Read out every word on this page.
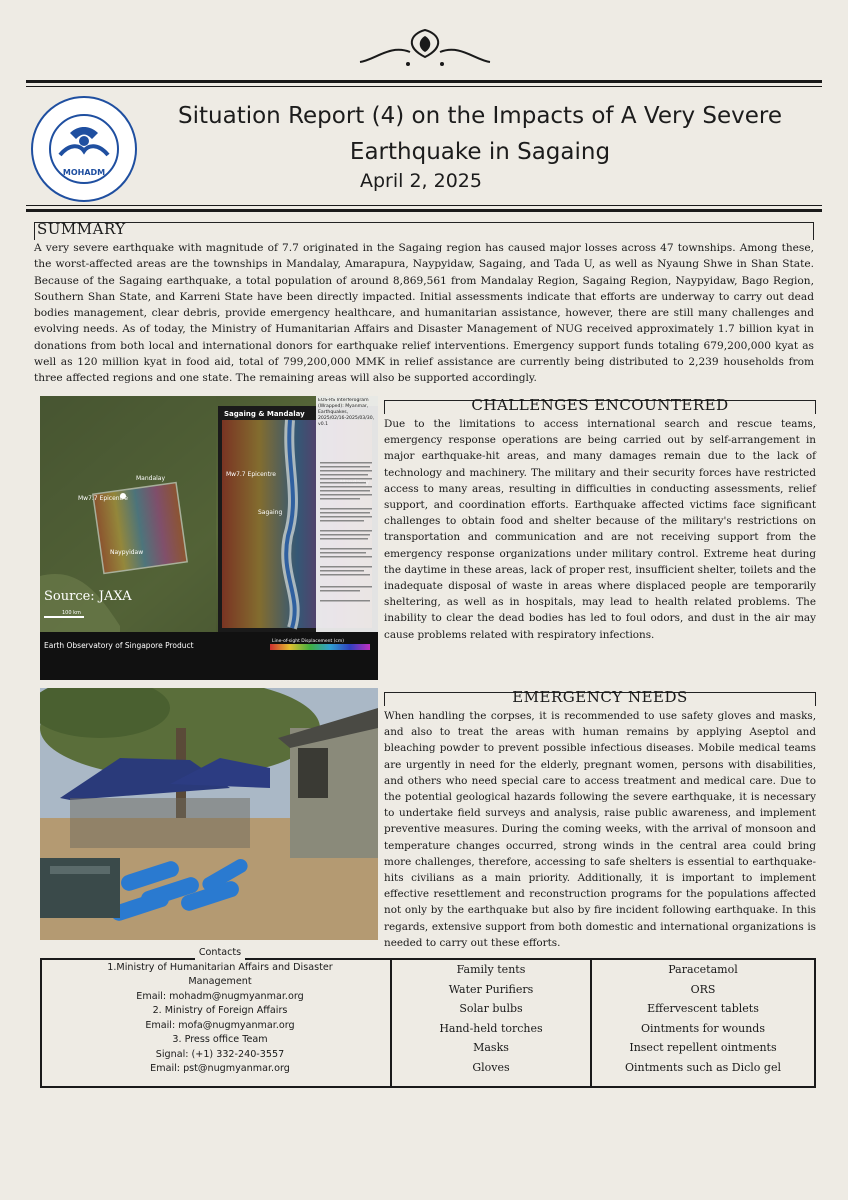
MOHADM
Situation Report (4) on the Impacts of A Very Severe
Earthquake in Sagaing
April 2, 2025
SUMMARY
A very severe earthquake with magnitude of 7.7 originated in the Sagaing region has caused major losses across 47 townships. Among these, the worst-affected areas are the townships in Mandalay, Amarapura, Naypyidaw, Sagaing, and Tada U, as well as Nyaung Shwe in Shan State. Because of the Sagaing earthquake, a total population of around 8,869,561 from Mandalay Region, Sagaing Region, Naypyidaw, Bago Region, Southern Shan State, and Karreni State have been directly impacted. Initial assessments indicate that efforts are underway to carry out dead bodies management, clear debris, provide emergency healthcare, and humanitarian assistance, however, there are still many challenges and evolving needs. As of today, the Ministry of Humanitarian Affairs and Disaster Management of NUG received approximately 1.7 billion kyat in donations from both local and international donors for earthquake relief interventions. Emergency support funds totaling 679,200,000 kyat as well as 120 million kyat in food aid, total of 799,200,000 MMK in relief assistance are currently being distributed to 2,239 households from three affected regions and one state. The remaining areas will also be supported accordingly.
Mw7.7 Epicentre
Mandalay
Naypyidaw
Sagaing & Mandalay
Mw7.7 Epicentre
Sagaing
Source: JAXA
100 km
Earth Observatory of Singapore Product	Line-of-sight Displacement (cm)
EOS-RS Interferogram (Wrapped): Myanmar, Earthquakes, 2025/02/16-2025/03/30, v0.1
CHALLENGES ENCOUNTERED
Due to the limitations to access international search and rescue teams, emergency response operations are being carried out by self-arrangement in major earthquake-hit areas, and many damages remain due to the lack of technology and machinery. The military and their security forces have restricted access to many areas, resulting in difficulties in conducting assessments, relief support, and coordination efforts. Earthquake affected victims face significant challenges to obtain food and shelter because of the military's restrictions on transportation and communication and are not receiving support from the emergency response organizations under military control. Extreme heat during the daytime in these areas, lack of proper rest, insufficient shelter, toilets and the inadequate disposal of waste in areas where displaced people are temporarily sheltering, as well as in hospitals, may lead to health related problems. The inability to clear the dead bodies has led to foul odors, and dust in the air may cause problems related with respiratory infections.
EMERGENCY NEEDS
When handling the corpses, it is recommended to use safety gloves and masks, and also to treat the areas with human remains by applying Aseptol and bleaching powder to prevent possible infectious diseases. Mobile medical teams are urgently in need for the elderly, pregnant women, persons with disabilities, and others who need special care to access treatment and medical care. Due to the potential geological hazards following the severe earthquake, it is necessary to undertake field surveys and analysis, raise public awareness, and implement preventive measures. During the coming weeks, with the arrival of monsoon and temperature changes occurred, strong winds in the central area could bring more challenges, therefore, accessing to safe shelters is essential to earthquake-hits civilians as a main priority. Additionally, it is important to implement effective resettlement and reconstruction programs for the populations affected not only by the earthquake but also by fire incident following earthquake. In this regards, extensive support from both domestic and international organizations is needed to carry out these efforts.
Contacts
1.Ministry of Humanitarian Affairs and Disaster
Management
Email: mohadm@nugmyanmar.org
2. Ministry of Foreign Affairs
Email: mofa@nugmyanmar.org
3. Press office Team
Signal: (+1) 332-240-3557
Email: pst@nugmyanmar.org
Family tents
Water Purifiers
Solar bulbs
Hand-held torches
Masks
Gloves
Paracetamol
ORS
Effervescent tablets
Ointments for wounds
Insect repellent ointments
Ointments such as Diclo gel
